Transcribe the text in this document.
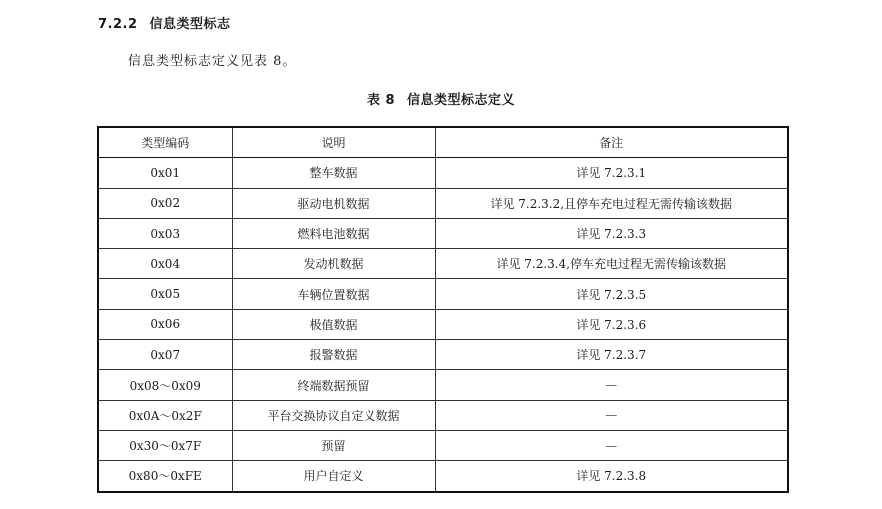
7.2.2 信息类型标志
信息类型标志定义见表 8。
表 8 信息类型标志定义
类型编码	说明	备注
0x01	整车数据	详见 7.2.3.1
0x02	驱动电机数据	详见 7.2.3.2,且停车充电过程无需传输该数据
0x03	燃料电池数据	详见 7.2.3.3
0x04	发动机数据	详见 7.2.3.4,停车充电过程无需传输该数据
0x05	车辆位置数据	详见 7.2.3.5
0x06	极值数据	详见 7.2.3.6
0x07	报警数据	详见 7.2.3.7
0x08～0x09	终端数据预留	—
0x0A～0x2F	平台交换协议自定义数据	—
0x30～0x7F	预留	—
0x80～0xFE	用户自定义	详见 7.2.3.8
